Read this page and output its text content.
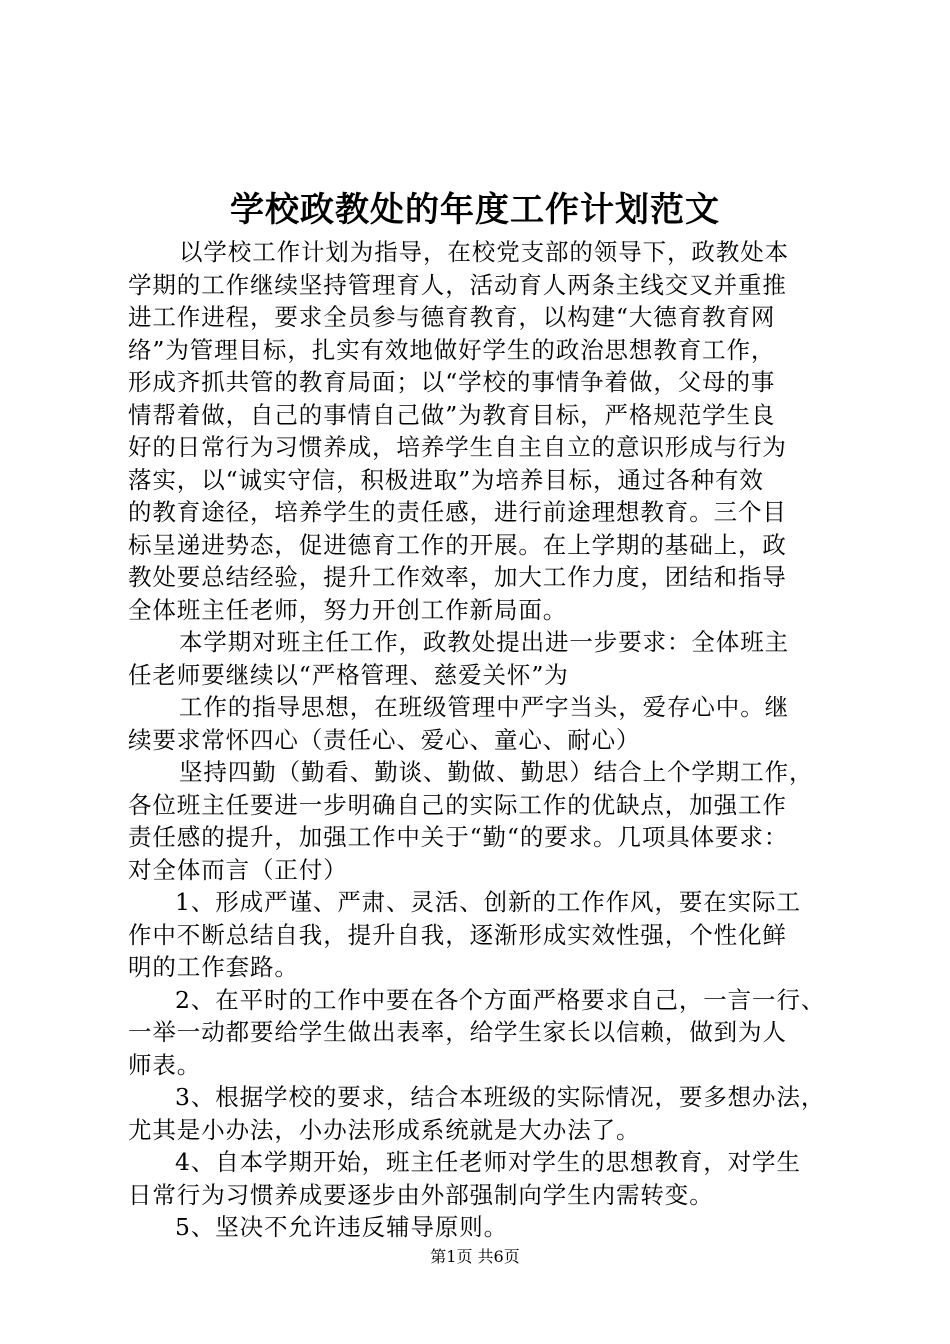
学校政教处的年度工作计划范文
以学校工作计划为指导，在校党支部的领导下，政教处本
学期的工作继续坚持管理育人，活动育人两条主线交叉并重推
进工作进程，要求全员参与德育教育，以构建“大德育教育网
络”为管理目标，扎实有效地做好学生的政治思想教育工作，
形成齐抓共管的教育局面；以“学校的事情争着做，父母的事
情帮着做，自己的事情自己做”为教育目标，严格规范学生良
好的日常行为习惯养成，培养学生自主自立的意识形成与行为
落实，以“诚实守信，积极进取”为培养目标，通过各种有效
的教育途径，培养学生的责任感，进行前途理想教育。三个目
标呈递进势态，促进德育工作的开展。在上学期的基础上，政
教处要总结经验，提升工作效率，加大工作力度，团结和指导
全体班主任老师，努力开创工作新局面。
本学期对班主任工作，政教处提出进一步要求：全体班主
任老师要继续以“严格管理、慈爱关怀”为
工作的指导思想，在班级管理中严字当头，爱存心中。继
续要求常怀四心（责任心、爱心、童心、耐心）
坚持四勤（勤看、勤谈、勤做、勤思）结合上个学期工作，
各位班主任要进一步明确自己的实际工作的优缺点，加强工作
责任感的提升，加强工作中关于“勤“的要求。几项具体要求：
对全体而言（正付）
1、形成严谨、严肃、灵活、创新的工作作风，要在实际工
作中不断总结自我，提升自我，逐渐形成实效性强，个性化鲜
明的工作套路。
2、在平时的工作中要在各个方面严格要求自己，一言一行、
一举一动都要给学生做出表率，给学生家长以信赖，做到为人
师表。
3、根据学校的要求，结合本班级的实际情况，要多想办法，
尤其是小办法，小办法形成系统就是大办法了。
4、自本学期开始，班主任老师对学生的思想教育，对学生
日常行为习惯养成要逐步由外部强制向学生内需转变。
5、坚决不允许违反辅导原则。
第1页 共6页
